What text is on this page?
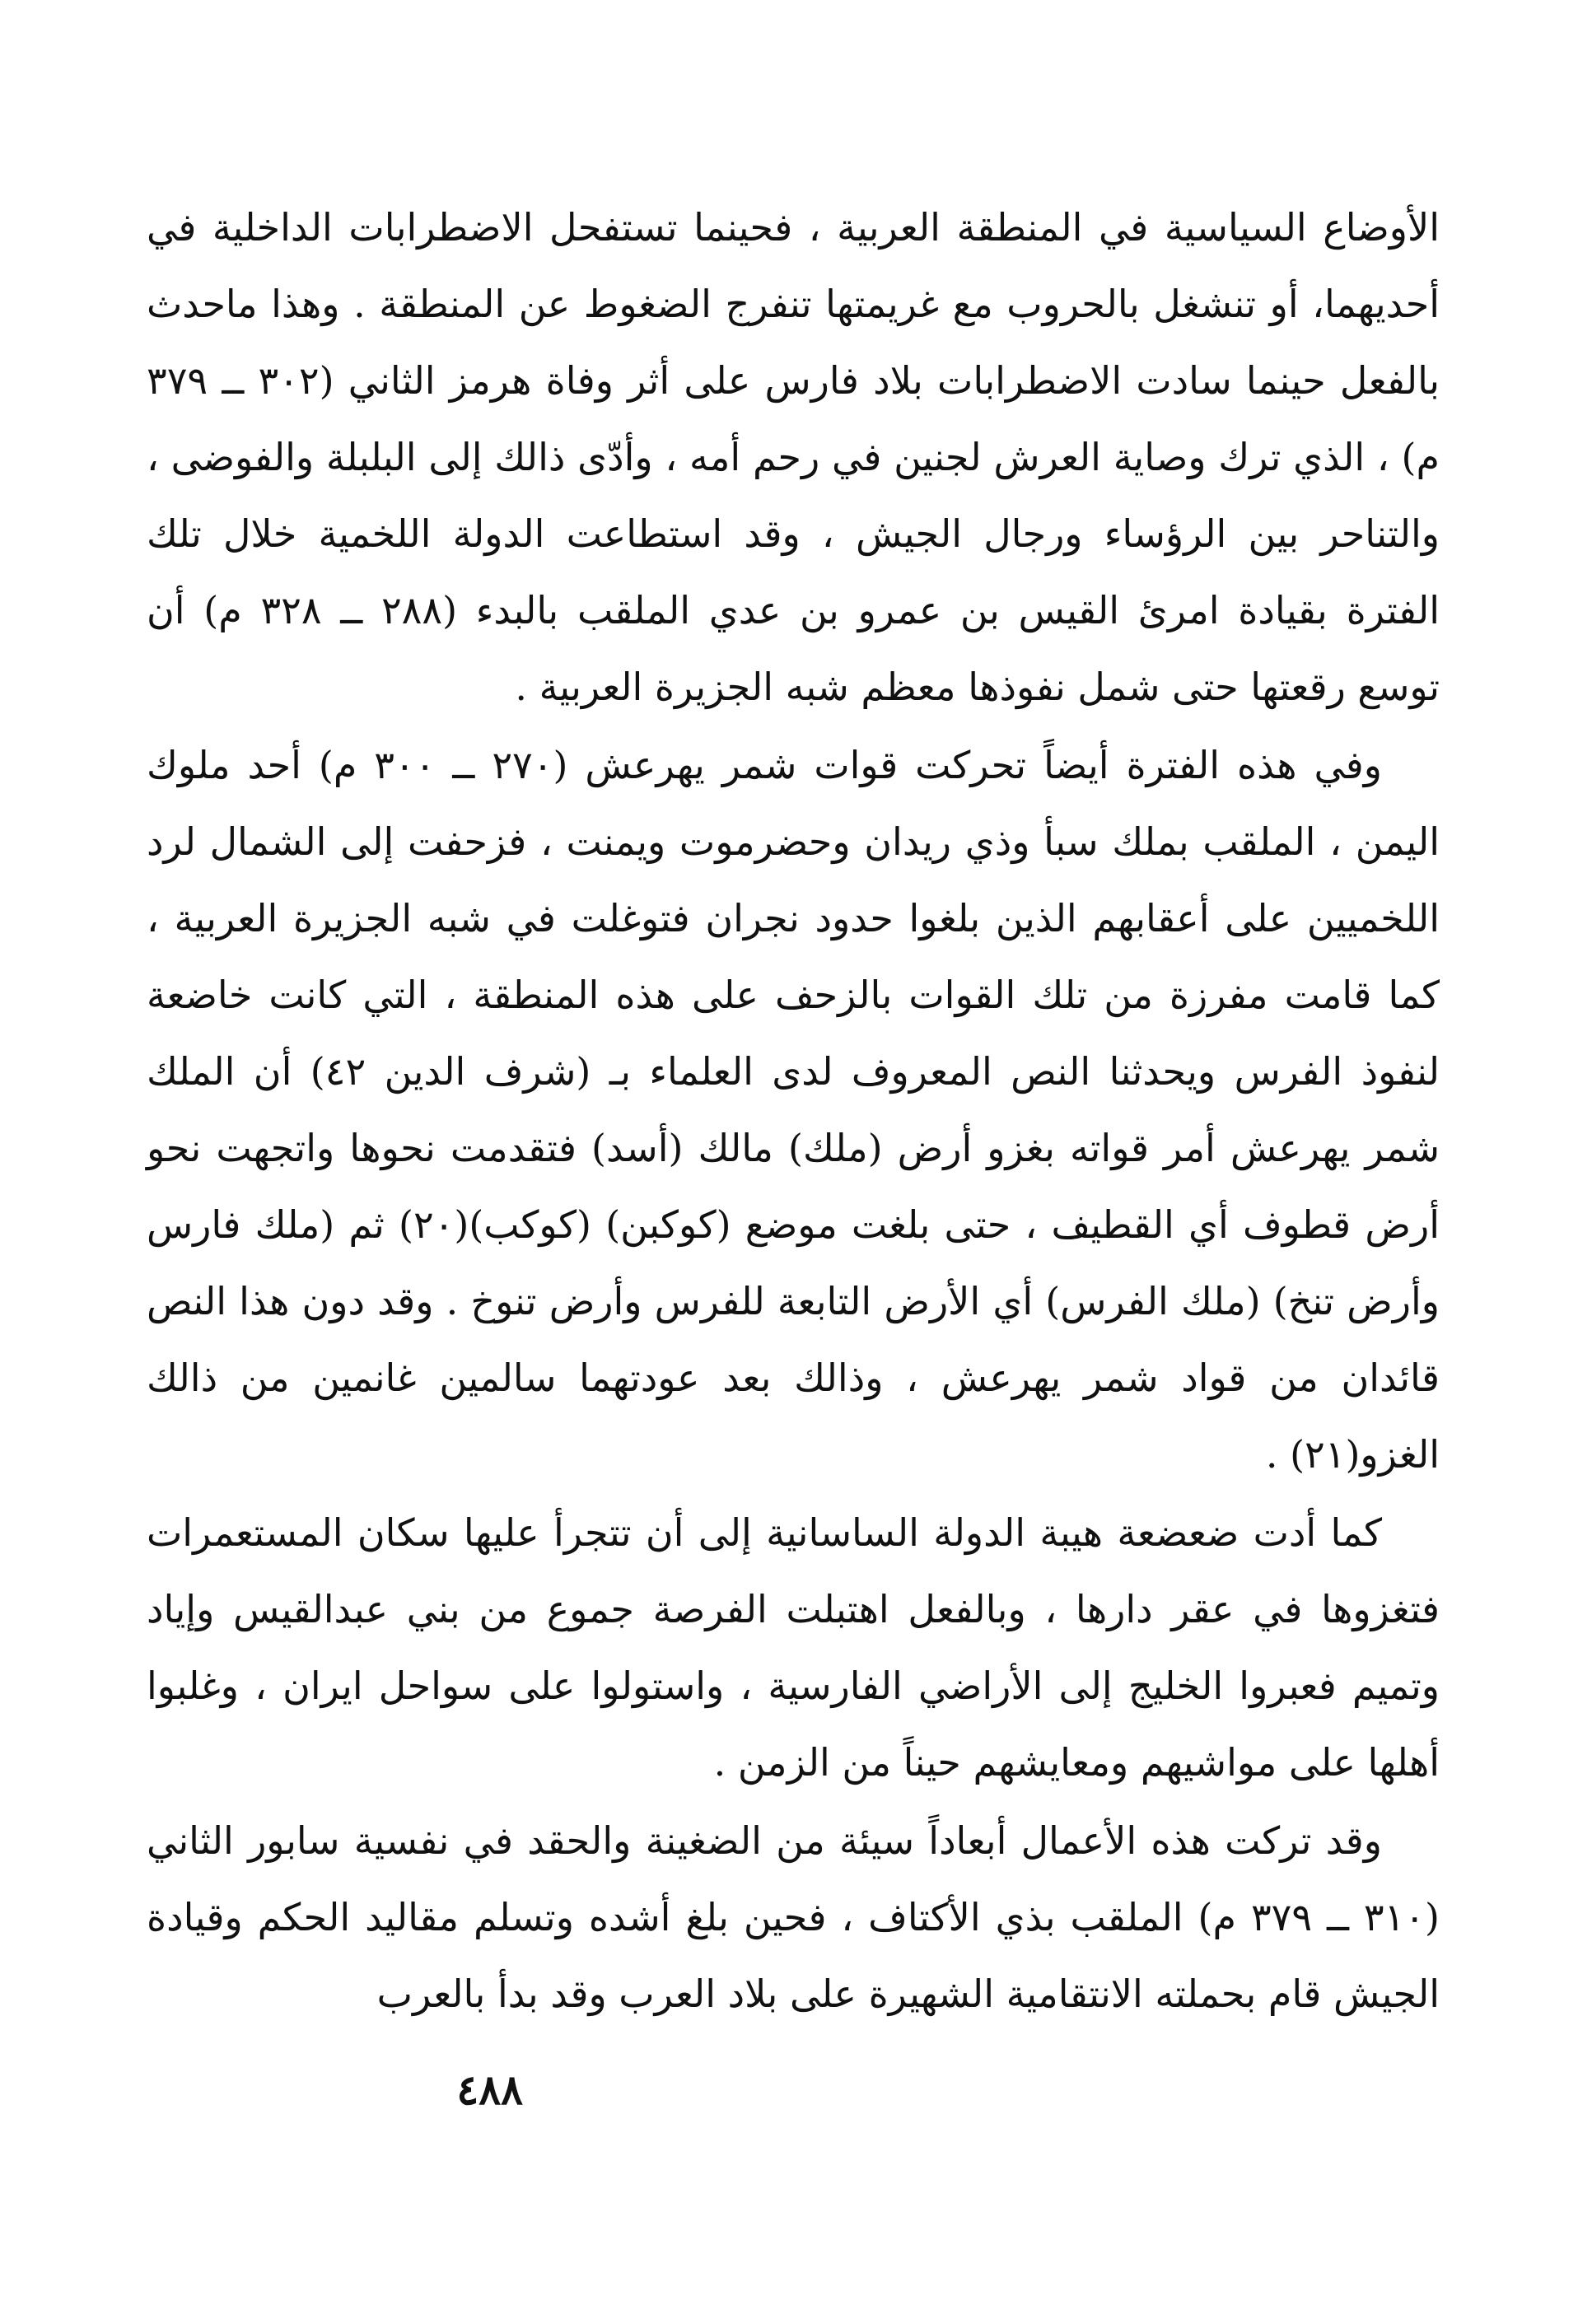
الأوضاع السياسية في المنطقة العربية ، فحينما تستفحل الاضطرابات الداخلية في أحديهما، أو تنشغل بالحروب مع غريمتها تنفرج الضغوط عن المنطقة . وهذا ماحدث بالفعل حينما سادت الاضطرابات بلاد فارس على أثر وفاة هرمز الثاني (٣٠٢ ــ ٣٧٩ م) ، الذي ترك وصاية العرش لجنين في رحم أمه ، وأدّى ذالك إلى البلبلة والفوضى ، والتناحر بين الرؤساء ورجال الجيش ، وقد استطاعت الدولة اللخمية خلال تلك الفترة بقيادة امرئ القيس بن عمرو بن عدي الملقب بالبدء (٢٨٨ ــ ٣٢٨ م) أن توسع رقعتها حتى شمل نفوذها معظم شبه الجزيرة العربية .

وفي هذه الفترة أيضاً تحركت قوات شمر يهرعش (٢٧٠ ــ ٣٠٠ م) أحد ملوك اليمن ، الملقب بملك سبأ وذي ريدان وحضرموت ويمنت ، فزحفت إلى الشمال لرد اللخميين على أعقابهم الذين بلغوا حدود نجران فتوغلت في شبه الجزيرة العربية ، كما قامت مفرزة من تلك القوات بالزحف على هذه المنطقة ، التي كانت خاضعة لنفوذ الفرس ويحدثنا النص المعروف لدى العلماء بـ (شرف الدين ٤٢) أن الملك شمر يهرعش أمر قواته بغزو أرض (ملك) مالك (أسد) فتقدمت نحوها واتجهت نحو أرض قطوف أي القطيف ، حتى بلغت موضع (كوكبن) (كوكب)(٢٠) ثم (ملك فارس وأرض تنخ) (ملك الفرس) أي الأرض التابعة للفرس وأرض تنوخ . وقد دون هذا النص قائدان من قواد شمر يهرعش ، وذالك بعد عودتهما سالمين غانمين من ذالك الغزو(٢١) .

كما أدت ضعضعة هيبة الدولة الساسانية إلى أن تتجرأ عليها سكان المستعمرات فتغزوها في عقر دارها ، وبالفعل اهتبلت الفرصة جموع من بني عبدالقيس وإياد وتميم فعبروا الخليج إلى الأراضي الفارسية ، واستولوا على سواحل ايران ، وغلبوا أهلها على مواشيهم ومعايشهم حيناً من الزمن .

وقد تركت هذه الأعمال أبعاداً سيئة من الضغينة والحقد في نفسية سابور الثاني (٣١٠ ــ ٣٧٩ م) الملقب بذي الأكتاف ، فحين بلغ أشده وتسلم مقاليد الحكم وقيادة الجيش قام بحملته الانتقامية الشهيرة على بلاد العرب وقد بدأ بالعرب

٤٨٨
